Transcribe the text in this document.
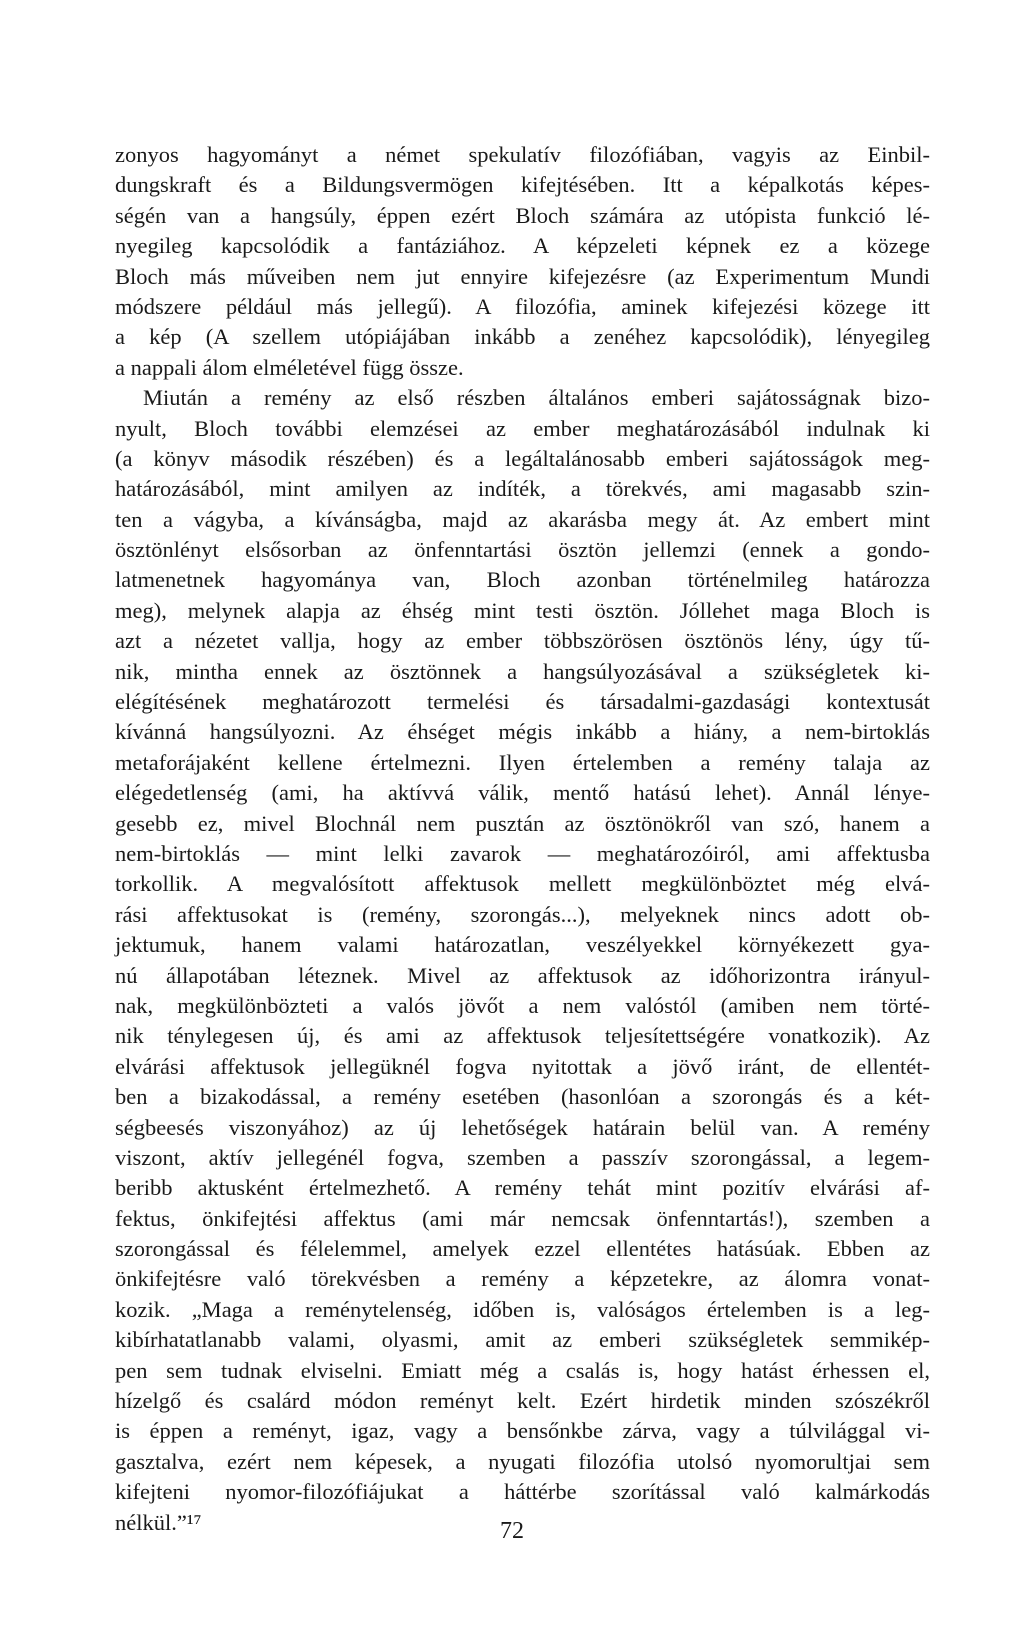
zonyos hagyományt a német spekulatív filozófiában, vagyis az Einbil-
dungskraft és a Bildungsvermögen kifejtésében. Itt a képalkotás képes-
ségén van a hangsúly, éppen ezért Bloch számára az utópista funkció lé-
nyegileg kapcsolódik a fantáziához. A képzeleti képnek ez a közege
Bloch más műveiben nem jut ennyire kifejezésre (az Experimentum Mundi
módszere például más jellegű). A filozófia, aminek kifejezési közege itt
a kép (A szellem utópiájában inkább a zenéhez kapcsolódik), lényegileg
a nappali álom elméletével függ össze.
Miután a remény az első részben általános emberi sajátosságnak bizo-
nyult, Bloch további elemzései az ember meghatározásából indulnak ki
(a könyv második részében) és a legáltalánosabb emberi sajátosságok meg-
határozásából, mint amilyen az indíték, a törekvés, ami magasabb szin-
ten a vágyba, a kívánságba, majd az akarásba megy át. Az embert mint
ösztönlényt elsősorban az önfenntartási ösztön jellemzi (ennek a gondo-
latmenetnek hagyománya van, Bloch azonban történelmileg határozza
meg), melynek alapja az éhség mint testi ösztön. Jóllehet maga Bloch is
azt a nézetet vallja, hogy az ember többszörösen ösztönös lény, úgy tű-
nik, mintha ennek az ösztönnek a hangsúlyozásával a szükségletek ki-
elégítésének meghatározott termelési és társadalmi-gazdasági kontextusát
kívánná hangsúlyozni. Az éhséget mégis inkább a hiány, a nem-birtoklás
metaforájaként kellene értelmezni. Ilyen értelemben a remény talaja az
elégedetlenség (ami, ha aktívvá válik, mentő hatású lehet). Annál lénye-
gesebb ez, mivel Blochnál nem pusztán az ösztönökről van szó, hanem a
nem-birtoklás — mint lelki zavarok — meghatározóiról, ami affektusba
torkollik. A megvalósított affektusok mellett megkülönböztet még elvá-
rási affektusokat is (remény, szorongás...), melyeknek nincs adott ob-
jektumuk, hanem valami határozatlan, veszélyekkel környékezett gya-
nú állapotában léteznek. Mivel az affektusok az időhorizontra irányul-
nak, megkülönbözteti a valós jövőt a nem valóstól (amiben nem törté-
nik ténylegesen új, és ami az affektusok teljesítettségére vonatkozik). Az
elvárási affektusok jellegüknél fogva nyitottak a jövő iránt, de ellentét-
ben a bizakodással, a remény esetében (hasonlóan a szorongás és a két-
ségbeesés viszonyához) az új lehetőségek határain belül van. A remény
viszont, aktív jellegénél fogva, szemben a passzív szorongással, a legem-
beribb aktusként értelmezhető. A remény tehát mint pozitív elvárási af-
fektus, önkifejtési affektus (ami már nemcsak önfenntartás!), szemben a
szorongással és félelemmel, amelyek ezzel ellentétes hatásúak. Ebben az
önkifejtésre való törekvésben a remény a képzetekre, az álomra vonat-
kozik. „Maga a reménytelenség, időben is, valóságos értelemben is a leg-
kibírhatatlanabb valami, olyasmi, amit az emberi szükségletek semmikép-
pen sem tudnak elviselni. Emiatt még a csalás is, hogy hatást érhessen el,
hízelgő és csalárd módon reményt kelt. Ezért hirdetik minden szószékről
is éppen a reményt, igaz, vagy a bensőnkbe zárva, vagy a túlvilággal vi-
gasztalva, ezért nem képesek, a nyugati filozófia utolsó nyomorultjai sem
kifejteni nyomor-filozófiájukat a háttérbe szorítással való kalmárkodás
nélkül.”¹⁷	72
